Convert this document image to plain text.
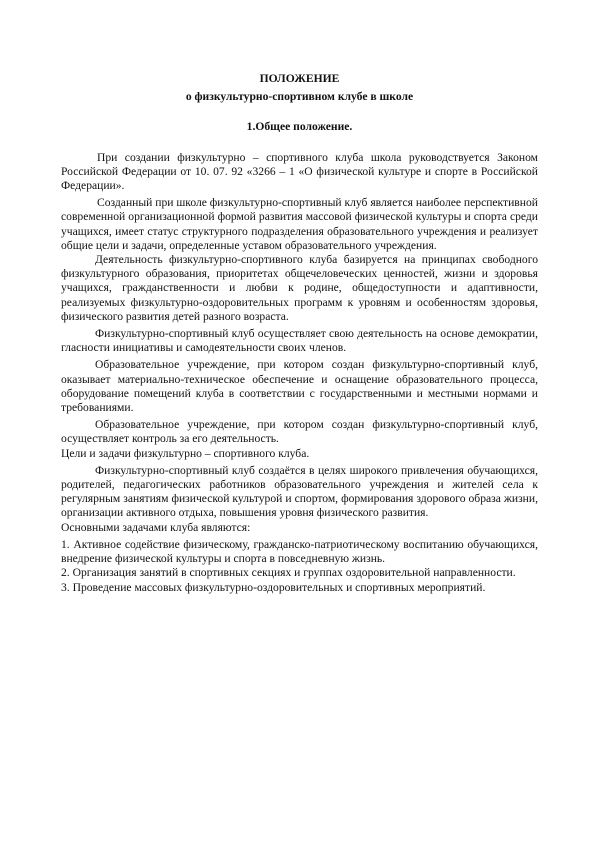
ПОЛОЖЕНИЕ

о физкультурно-спортивном клубе в школе

1.Общее положение.

При создании физкультурно – спортивного клуба школа руководствуется Законом Российской Федерации от 10. 07. 92 «3266 – 1 «О физической культуре и спорте в Российской Федерации».

Созданный при школе физкультурно-спортивный клуб является наиболее перспективной современной организационной формой развития массовой физической культуры и спорта среди учащихся, имеет статус структурного подразделения образовательного учреждения и реализует общие цели и задачи, определенные уставом образовательного учреждения.

Деятельность физкультурно-спортивного клуба базируется на принципах свободного физкультурного образования, приоритетах общечеловеческих ценностей, жизни и здоровья учащихся, гражданственности и любви к родине, общедоступности и адаптивности, реализуемых физкультурно-оздоровительных программ к уровням и особенностям здоровья, физического развития детей разного возраста.

Физкультурно-спортивный клуб осуществляет свою деятельность на основе демократии, гласности инициативы и самодеятельности своих членов.

Образовательное учреждение, при котором создан физкультурно-спортивный клуб, оказывает материально-техническое обеспечение и оснащение образовательного процесса, оборудование помещений клуба в соответствии с государственными и местными нормами и требованиями.

Образовательное учреждение, при котором создан физкультурно-спортивный клуб, осуществляет контроль за его деятельность.

Цели и задачи физкультурно – спортивного клуба.

Физкультурно-спортивный клуб создаётся в целях широкого привлечения обучающихся, родителей, педагогических работников образовательного учреждения и жителей села к регулярным занятиям физической культурой и спортом, формирования здорового образа жизни, организации активного отдыха, повышения уровня физического развития.

Основными задачами клуба являются:

1. Активное содействие физическому, гражданско-патриотическому воспитанию обучающихся, внедрение физической культуры и спорта в повседневную жизнь.

2. Организация занятий в спортивных секциях и группах оздоровительной направленности.

3. Проведение массовых физкультурно-оздоровительных и спортивных мероприятий.
